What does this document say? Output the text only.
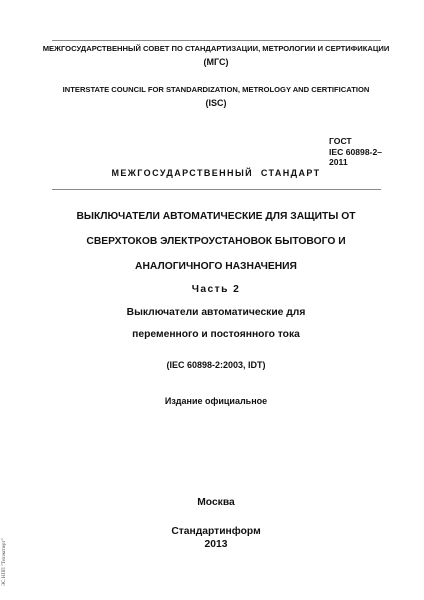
МЕЖГОСУДАРСТВЕННЫЙ СОВЕТ ПО СТАНДАРТИЗАЦИИ, МЕТРОЛОГИИ И СЕРТИФИКАЦИИ
(МГС)
INTERSTATE COUNCIL FOR STANDARDIZATION, METROLOGY AND CERTIFICATION
(ISC)
ГОСТ
IEC 60898-2–
2011
МЕЖГОСУДАРСТВЕННЫЙ  СТАНДАРТ
ВЫКЛЮЧАТЕЛИ АВТОМАТИЧЕСКИЕ ДЛЯ ЗАЩИТЫ ОТ
СВЕРХТОКОВ ЭЛЕКТРОУСТАНОВОК БЫТОВОГО И
АНАЛОГИЧНОГО НАЗНАЧЕНИЯ
Часть 2
Выключатели автоматические для
переменного и постоянного тока
(IEC 60898-2:2003, IDT)
Издание официальное
Москва
Стандартинформ
2013
ЭС НПП "Техэксперт"
